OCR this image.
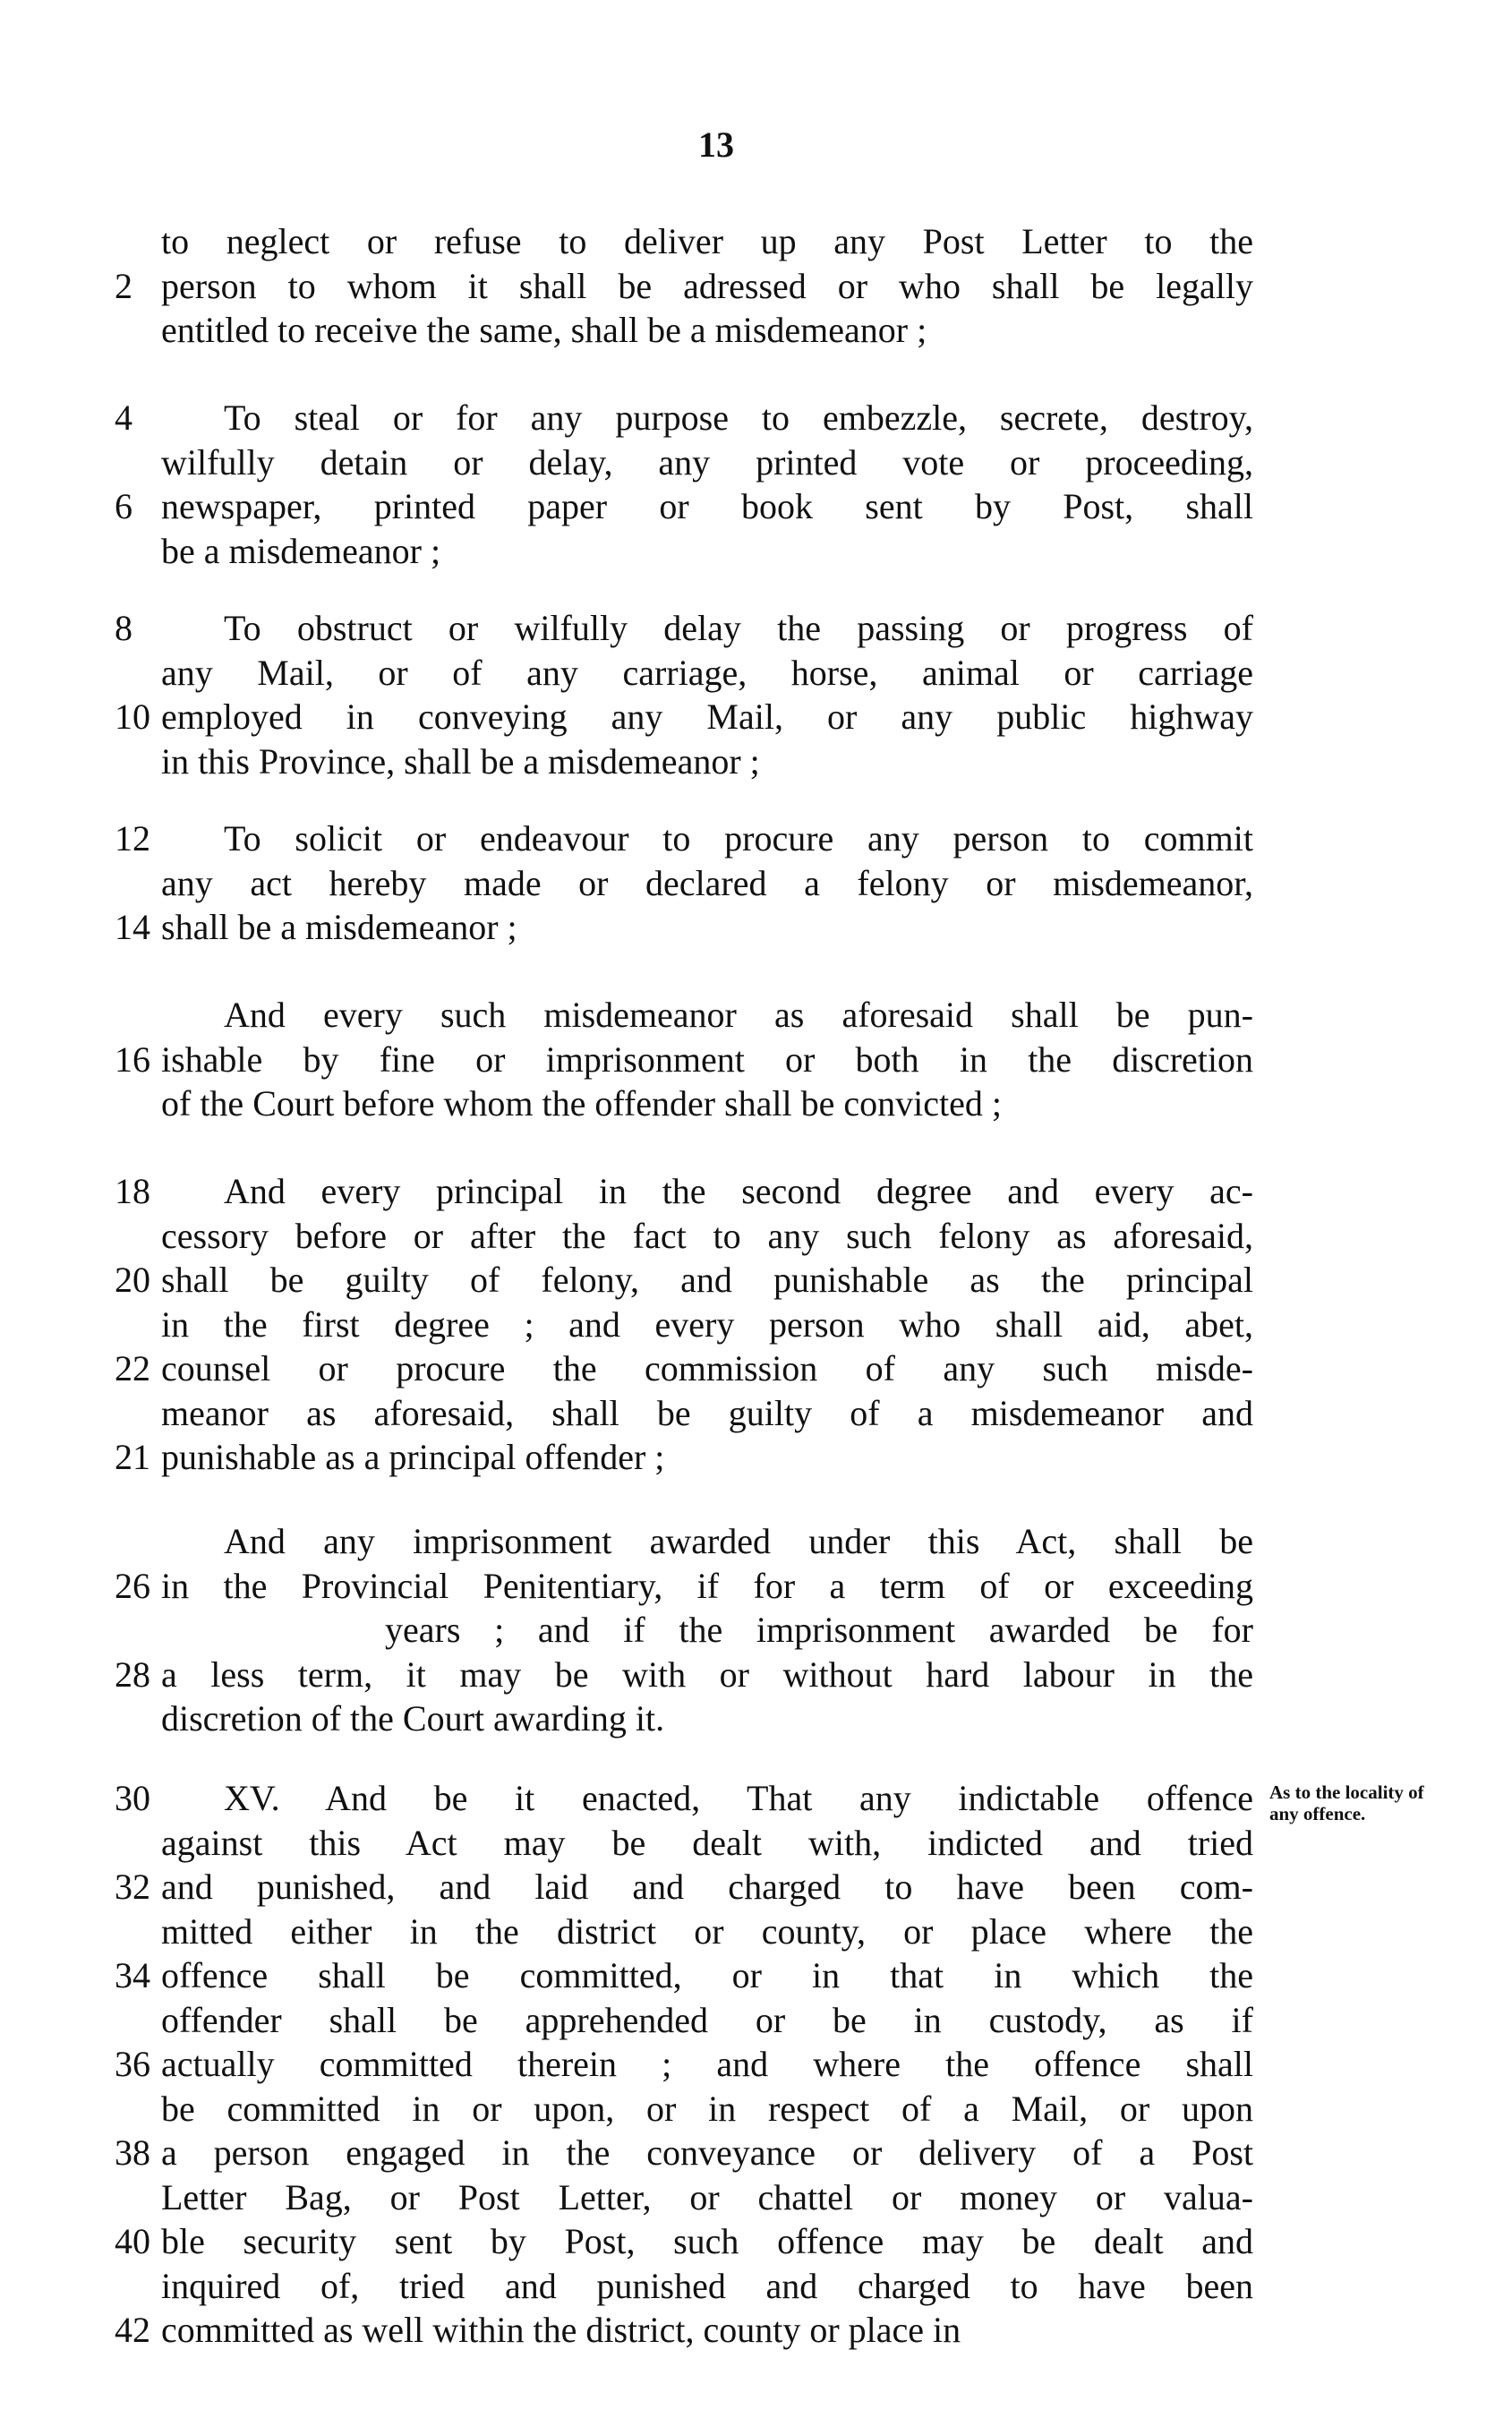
13
to neglect or refuse to deliver up any Post Letter to the
person to whom it shall be adressed or who shall be legally
2
entitled to receive the same, shall be a misdemeanor ;
To steal or for any purpose to embezzle, secrete, destroy,
4
wilfully detain or delay, any printed vote or proceeding,
newspaper, printed paper or book sent by Post, shall
6
be a misdemeanor ;
To obstruct or wilfully delay the passing or progress of
8
any Mail, or of any carriage, horse, animal or carriage
employed in conveying any Mail, or any public highway
10
in this Province, shall be a misdemeanor ;
To solicit or endeavour to procure any person to commit
12
any act hereby made or declared a felony or misdemeanor,
shall be a misdemeanor ;
14
And every such misdemeanor as aforesaid shall be pun-
ishable by fine or imprisonment or both in the discretion
16
of the Court before whom the offender shall be convicted ;
And every principal in the second degree and every ac-
18
cessory before or after the fact to any such felony as aforesaid,
shall be guilty of felony, and punishable as the principal
20
in the first degree ; and every person who shall aid, abet,
counsel or procure the commission of any such misde-
22
meanor as aforesaid, shall be guilty of a misdemeanor and
punishable as a principal offender ;
21
And any imprisonment awarded under this Act, shall be
in the Provincial Penitentiary, if for a term of or exceeding
26
years ; and if the imprisonment awarded be for
a less term, it may be with or without hard labour in the
28
discretion of the Court awarding it.
XV. And be it enacted, That any indictable offence
30
against this Act may be dealt with, indicted and tried
and punished, and laid and charged to have been com-
32
mitted either in the district or county, or place where the
offence shall be committed, or in that in which the
34
offender shall be apprehended or be in custody, as if
actually committed therein ; and where the offence shall
36
be committed in or upon, or in respect of a Mail, or upon
a person engaged in the conveyance or delivery of a Post
38
Letter Bag, or Post Letter, or chattel or money or valua-
ble security sent by Post, such offence may be dealt and
40
inquired of, tried and punished and charged to have been
committed as well within the district, county or place in
42
As to the locality of any offence.
